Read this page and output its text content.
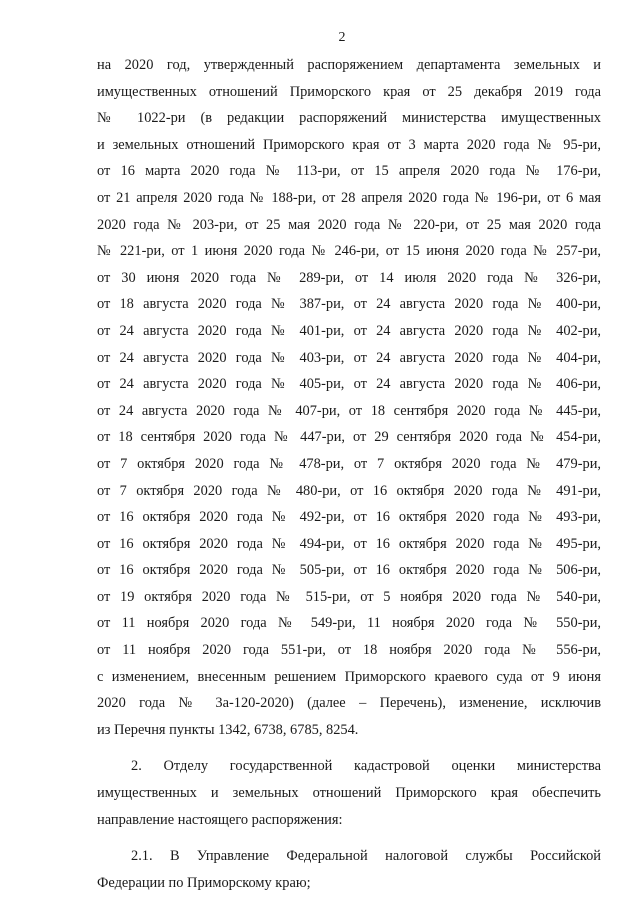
2
на 2020 год, утвержденный распоряжением департамента земельных и
имущественных отношений Приморского края от 25 декабря 2019 года
№ 1022-ри (в редакции распоряжений министерства имущественных
и земельных отношений Приморского края от 3 марта 2020 года № 95-ри,
от 16 марта 2020 года № 113-ри, от 15 апреля 2020 года № 176-ри,
от 21 апреля 2020 года № 188-ри, от 28 апреля 2020 года № 196-ри, от 6 мая
2020 года № 203-ри, от 25 мая 2020 года № 220-ри, от 25 мая 2020 года
№ 221-ри, от 1 июня 2020 года № 246-ри, от 15 июня 2020 года № 257-ри,
от 30 июня 2020 года № 289-ри, от 14 июля 2020 года № 326-ри,
от 18 августа 2020 года № 387-ри, от 24 августа 2020 года № 400-ри,
от 24 августа 2020 года № 401-ри, от 24 августа 2020 года № 402-ри,
от 24 августа 2020 года № 403-ри, от 24 августа 2020 года № 404-ри,
от 24 августа 2020 года № 405-ри, от 24 августа 2020 года № 406-ри,
от 24 августа 2020 года № 407-ри, от 18 сентября 2020 года № 445-ри,
от 18 сентября 2020 года № 447-ри, от 29 сентября 2020 года № 454-ри,
от 7 октября 2020 года № 478-ри, от 7 октября 2020 года № 479-ри,
от 7 октября 2020 года № 480-ри, от 16 октября 2020 года № 491-ри,
от 16 октября 2020 года № 492-ри, от 16 октября 2020 года № 493-ри,
от 16 октября 2020 года № 494-ри, от 16 октября 2020 года № 495-ри,
от 16 октября 2020 года № 505-ри, от 16 октября 2020 года № 506-ри,
от 19 октября 2020 года № 515-ри, от 5 ноября 2020 года № 540-ри,
от 11 ноября 2020 года № 549-ри, 11 ноября 2020 года № 550-ри,
от 11 ноября 2020 года 551-ри, от 18 ноября 2020 года № 556-ри,
с изменением, внесенным решением Приморского краевого суда от 9 июня
2020 года № 3а-120-2020) (далее – Перечень), изменение, исключив
из Перечня пункты 1342, 6738, 6785, 8254.
2. Отделу государственной кадастровой оценки министерства
имущественных и земельных отношений Приморского края обеспечить
направление настоящего распоряжения:
2.1. В Управление Федеральной налоговой службы Российской
Федерации по Приморскому краю;
